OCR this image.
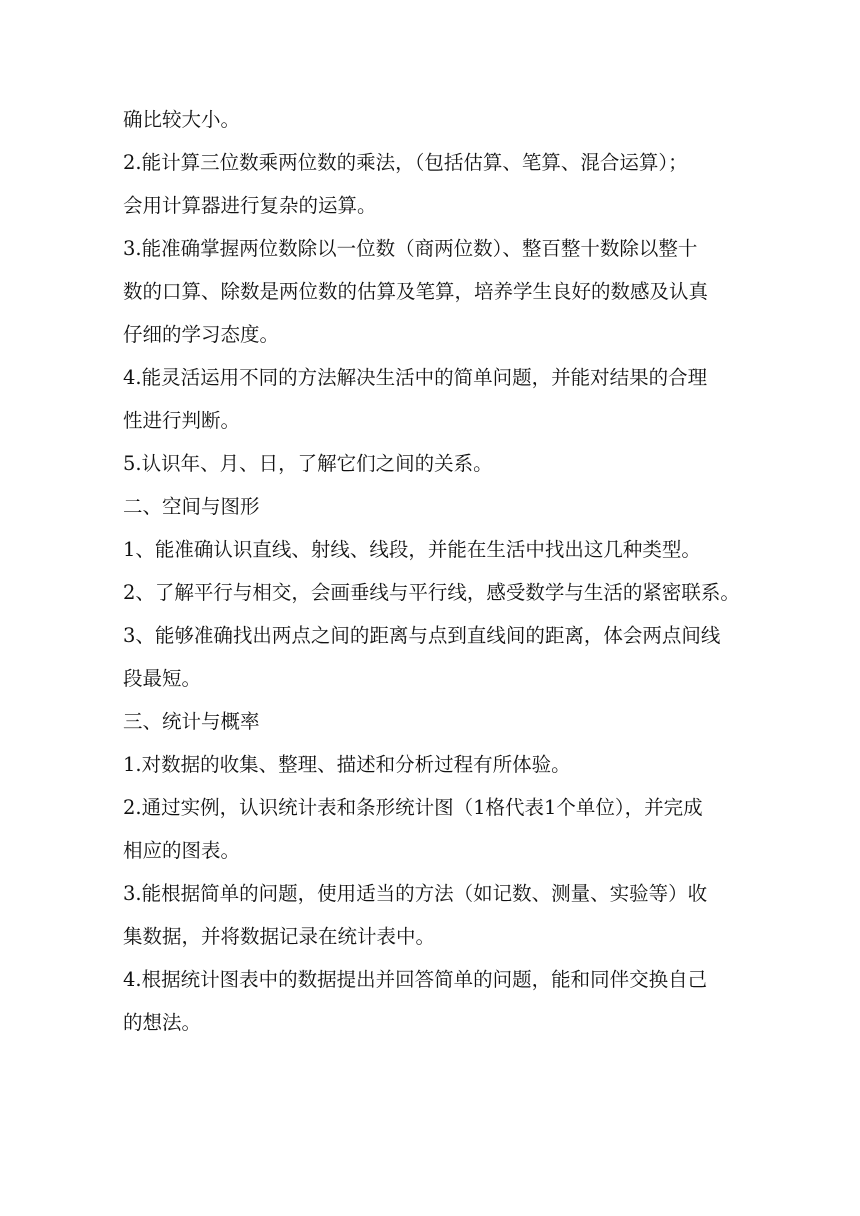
确比较大小。
2.能计算三位数乘两位数的乘法，（包括估算、笔算、混合运算）；
会用计算器进行复杂的运算。
3.能准确掌握两位数除以一位数（商两位数）、整百整十数除以整十
数的口算、除数是两位数的估算及笔算，培养学生良好的数感及认真
仔细的学习态度。
4.能灵活运用不同的方法解决生活中的简单问题，并能对结果的合理
性进行判断。
5.认识年、月、日，了解它们之间的关系。
二、空间与图形
1、能准确认识直线、射线、线段，并能在生活中找出这几种类型。
2、了解平行与相交，会画垂线与平行线，感受数学与生活的紧密联系。
3、能够准确找出两点之间的距离与点到直线间的距离，体会两点间线
段最短。
三、统计与概率
1.对数据的收集、整理、描述和分析过程有所体验。
2.通过实例，认识统计表和条形统计图（1格代表1个单位），并完成
相应的图表。
3.能根据简单的问题，使用适当的方法（如记数、测量、实验等）收
集数据，并将数据记录在统计表中。
4.根据统计图表中的数据提出并回答简单的问题，能和同伴交换自己
的想法。
